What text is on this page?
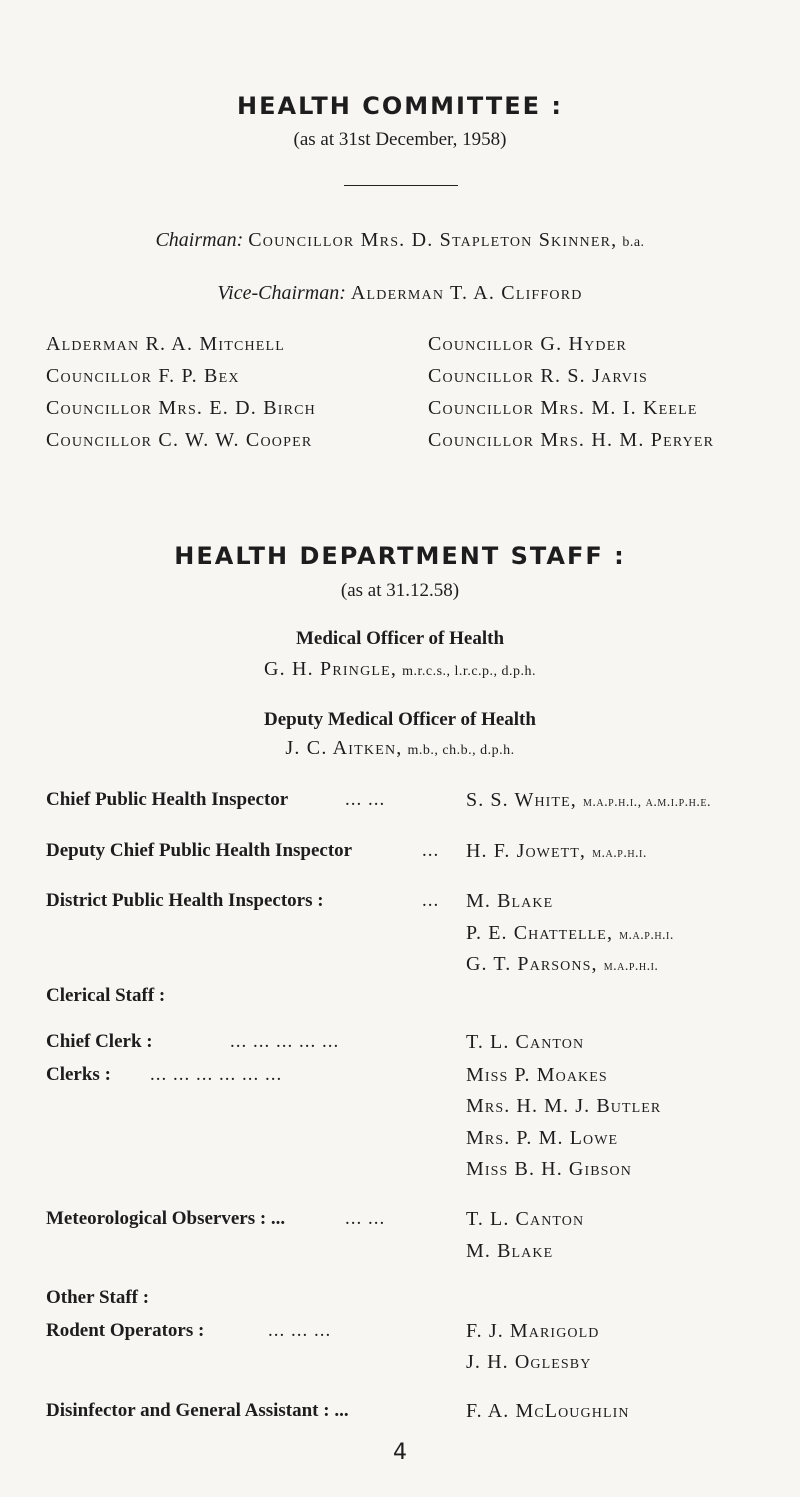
HEALTH COMMITTEE :
(as at 31st December, 1958)
Chairman: Councillor Mrs. D. Stapleton Skinner, b.a.
Vice-Chairman: Alderman T. A. Clifford
Alderman R. A. Mitchell
Councillor F. P. Bex
Councillor Mrs. E. D. Birch
Councillor C. W. W. Cooper
Councillor G. Hyder
Councillor R. S. Jarvis
Councillor Mrs. M. I. Keele
Councillor Mrs. H. M. Peryer
HEALTH DEPARTMENT STAFF :
(as at 31.12.58)
Medical Officer of Health
G. H. Pringle, m.r.c.s., l.r.c.p., d.p.h.
Deputy Medical Officer of Health
J. C. Aitken, m.b., ch.b., d.p.h.
Chief Public Health Inspector	... ...	S. S. White, m.a.p.h.i., a.m.i.p.h.e.
Deputy Chief Public Health Inspector	... H. F. Jowett, m.a.p.h.i.
District Public Health Inspectors :	... M. Blake
P. E. Chattelle, m.a.p.h.i.
G. T. Parsons, m.a.p.h.i.
Clerical Staff :
Chief Clerk :	... ... ... ... ...	T. L. Canton
Clerks : ... ... ... ... ... ...	Miss P. Moakes
Mrs. H. M. J. Butler
Mrs. P. M. Lowe
Miss B. H. Gibson
Meteorological Observers : ...	... ...	T. L. Canton
M. Blake
Other Staff :
Rodent Operators :	... ... ...	F. J. Marigold
J. H. Oglesby
Disinfector and General Assistant : ...	F. A. McLoughlin
4
